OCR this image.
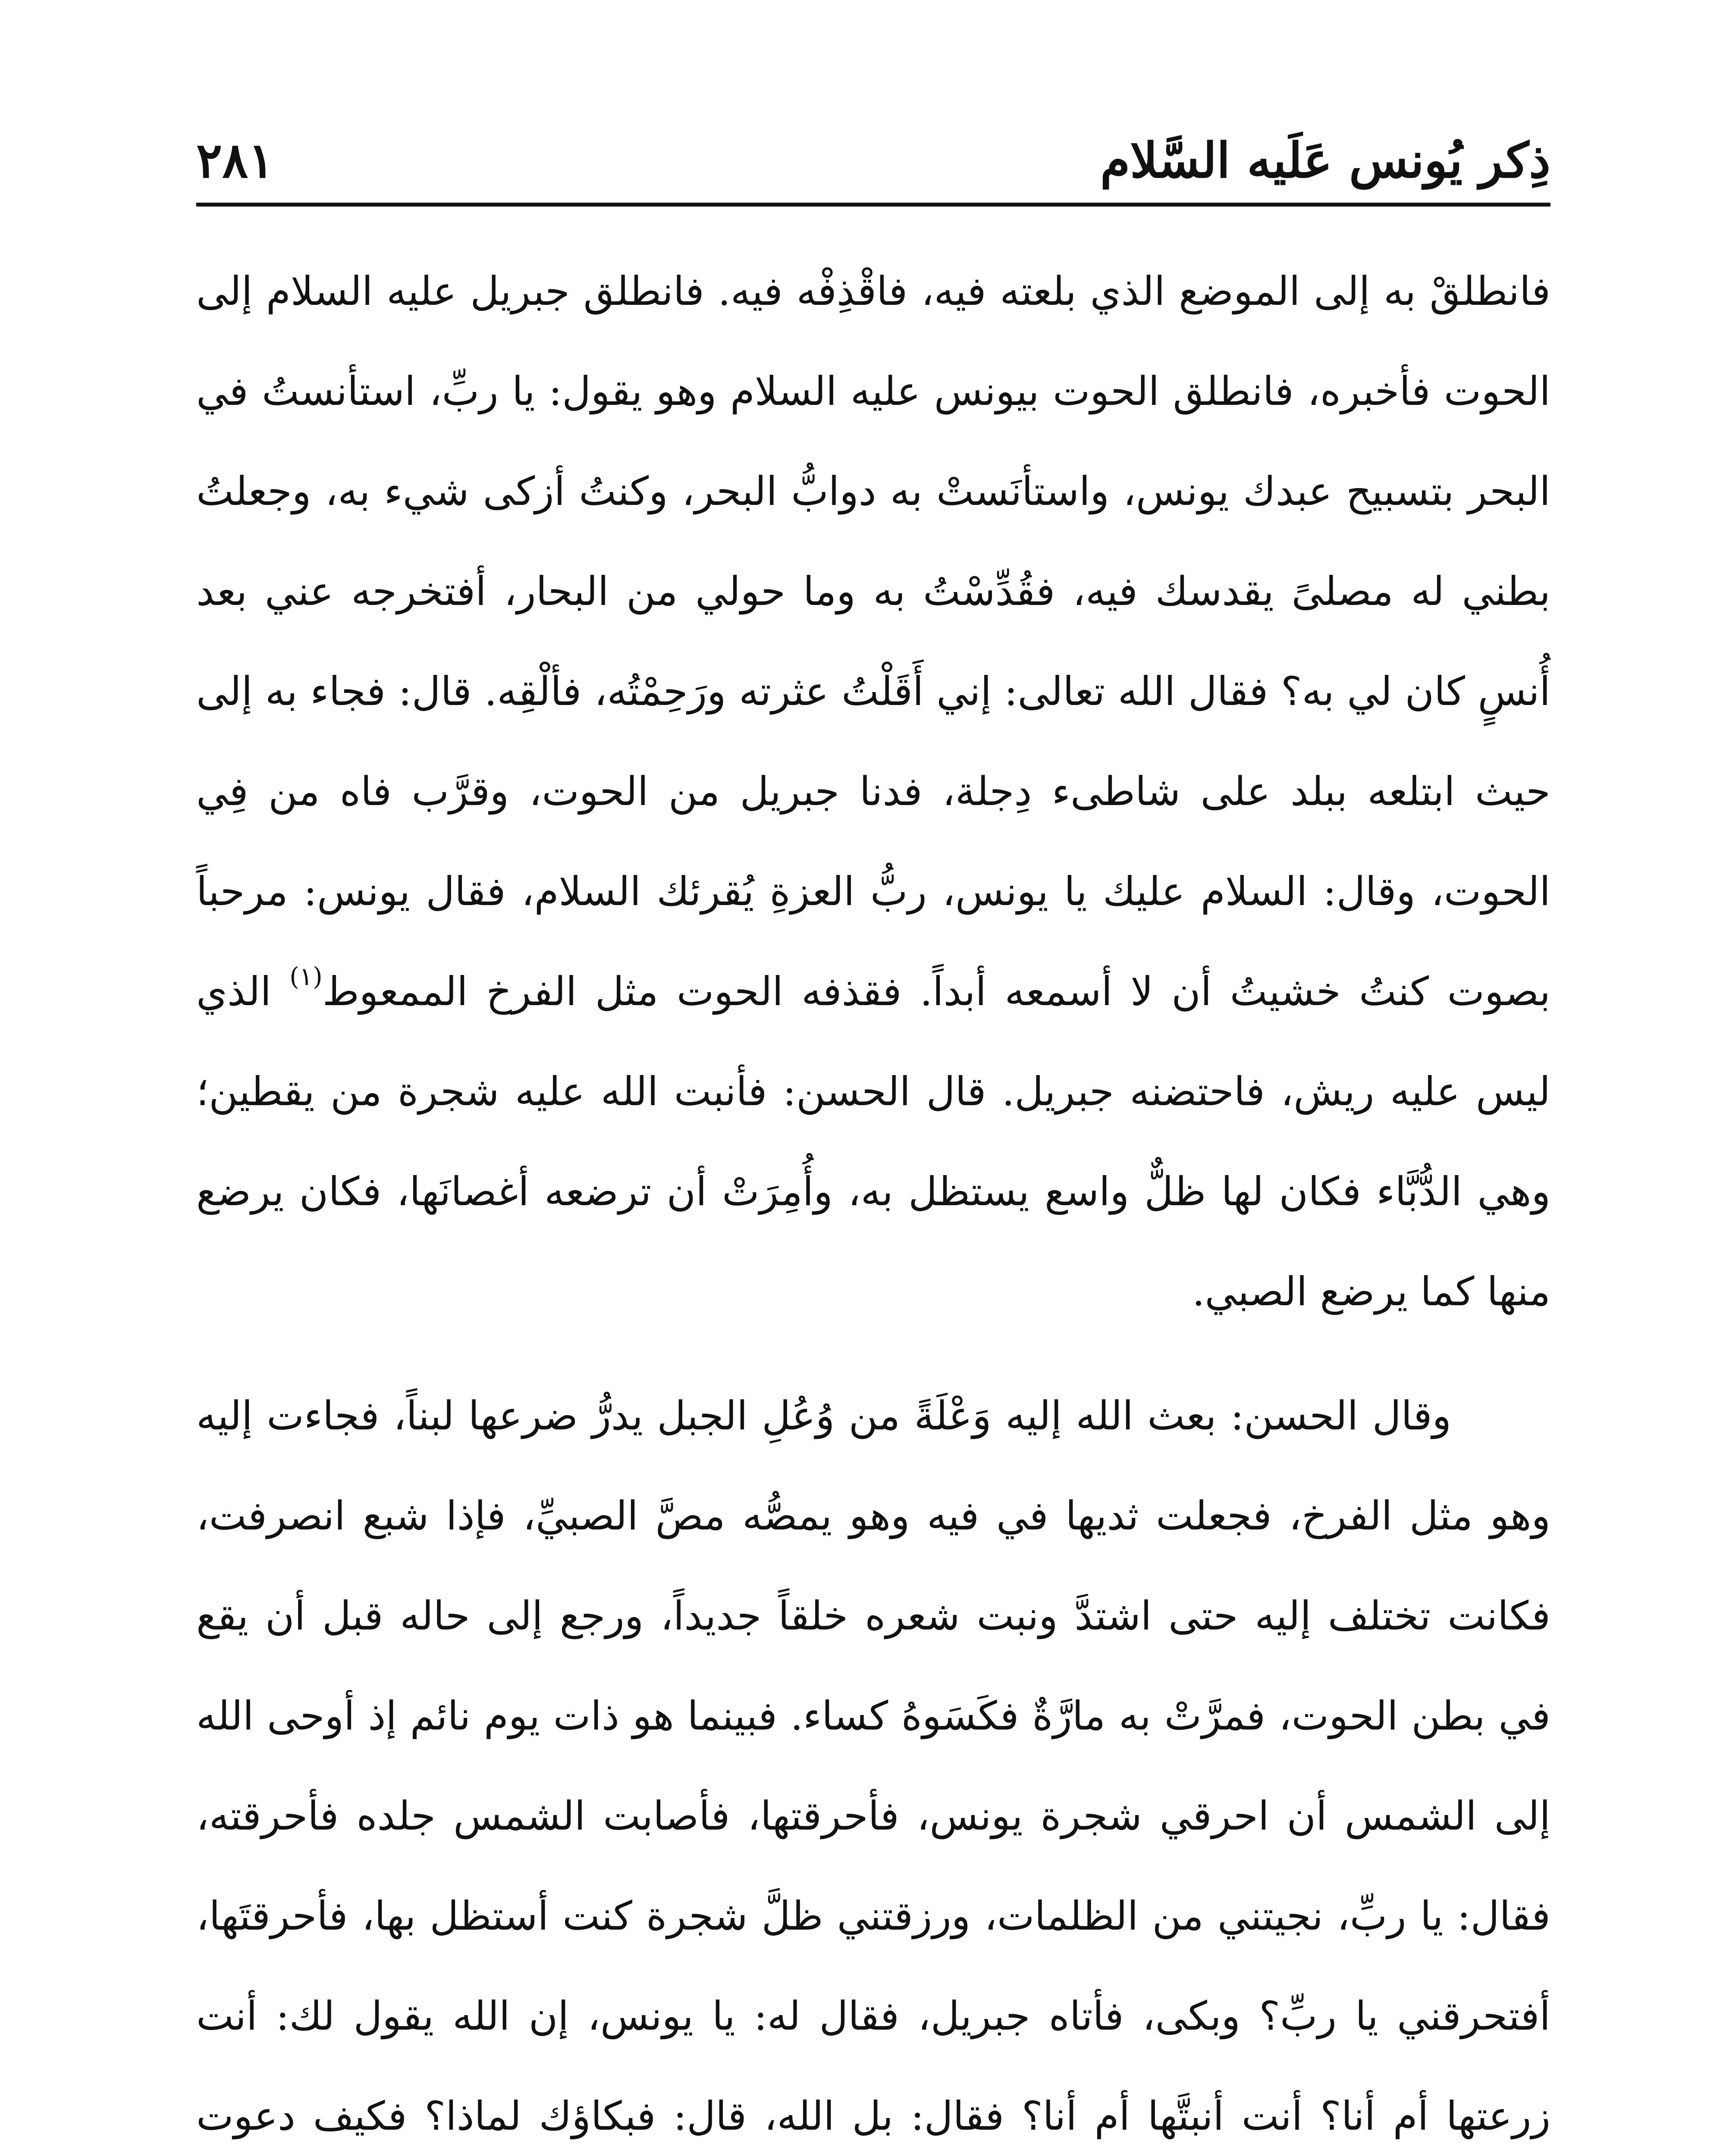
ذِكر يُونس عَلَيه السَّلام
٢٨١

فانطلقْ به إلى الموضع الذي بلعته فيه، فاقْذِفْه فيه. فانطلق جبريل عليه السلام إلى الحوت فأخبره، فانطلق الحوت بيونس عليه السلام وهو يقول: يا ربِّ، استأنستُ في البحر بتسبيح عبدك يونس، واستأنَستْ به دوابُّ البحر، وكنتُ أزكى شيء به، وجعلتُ بطني له مصلىً يقدسك فيه، فقُدِّسْتُ به وما حولي من البحار، أفتخرجه عني بعد أُنسٍ كان لي به؟ فقال الله تعالى: إني أَقَلْتُ عثرته ورَحِمْتُه، فألْقِه. قال: فجاء به إلى حيث ابتلعه ببلد على شاطىء دِجلة، فدنا جبريل من الحوت، وقرَّب فاه من فِي الحوت، وقال: السلام عليك يا يونس، ربُّ العزةِ يُقرئك السلام، فقال يونس: مرحباً بصوت كنتُ خشيتُ أن لا أسمعه أبداً. فقذفه الحوت مثل الفرخ الممعوط$^{(١)}$ الذي ليس عليه ريش، فاحتضنه جبريل. قال الحسن: فأنبت الله عليه شجرة من يقطين؛ وهي الدُّبَّاء فكان لها ظلٌّ واسع يستظل به، وأُمِرَتْ أن ترضعه أغصانَها، فكان يرضع منها كما يرضع الصبي.

وقال الحسن: بعث الله إليه وَعْلَةً من وُعُلِ الجبل يدرُّ ضرعها لبناً، فجاءت إليه وهو مثل الفرخ، فجعلت ثديها في فيه وهو يمصُّه مصَّ الصبيِّ، فإذا شبع انصرفت، فكانت تختلف إليه حتى اشتدَّ ونبت شعره خلقاً جديداً، ورجع إلى حاله قبل أن يقع في بطن الحوت، فمرَّتْ به مارَّةٌ فكَسَوهُ كساء. فبينما هو ذات يوم نائم إذ أوحى الله إلى الشمس أن احرقي شجرة يونس، فأحرقتها، فأصابت الشمس جلده فأحرقته، فقال: يا ربِّ، نجيتني من الظلمات، ورزقتني ظلَّ شجرة كنت أستظل بها، فأحرقتَها، أفتحرقني يا ربِّ؟ وبكى، فأتاه جبريل، فقال له: يا يونس، إن الله يقول لك: أنت زرعتها أم أنا؟ أنت أنبتَّها أم أنا؟ فقال: بل الله، قال: فبكاؤك لماذا؟ فكيف دعوت
